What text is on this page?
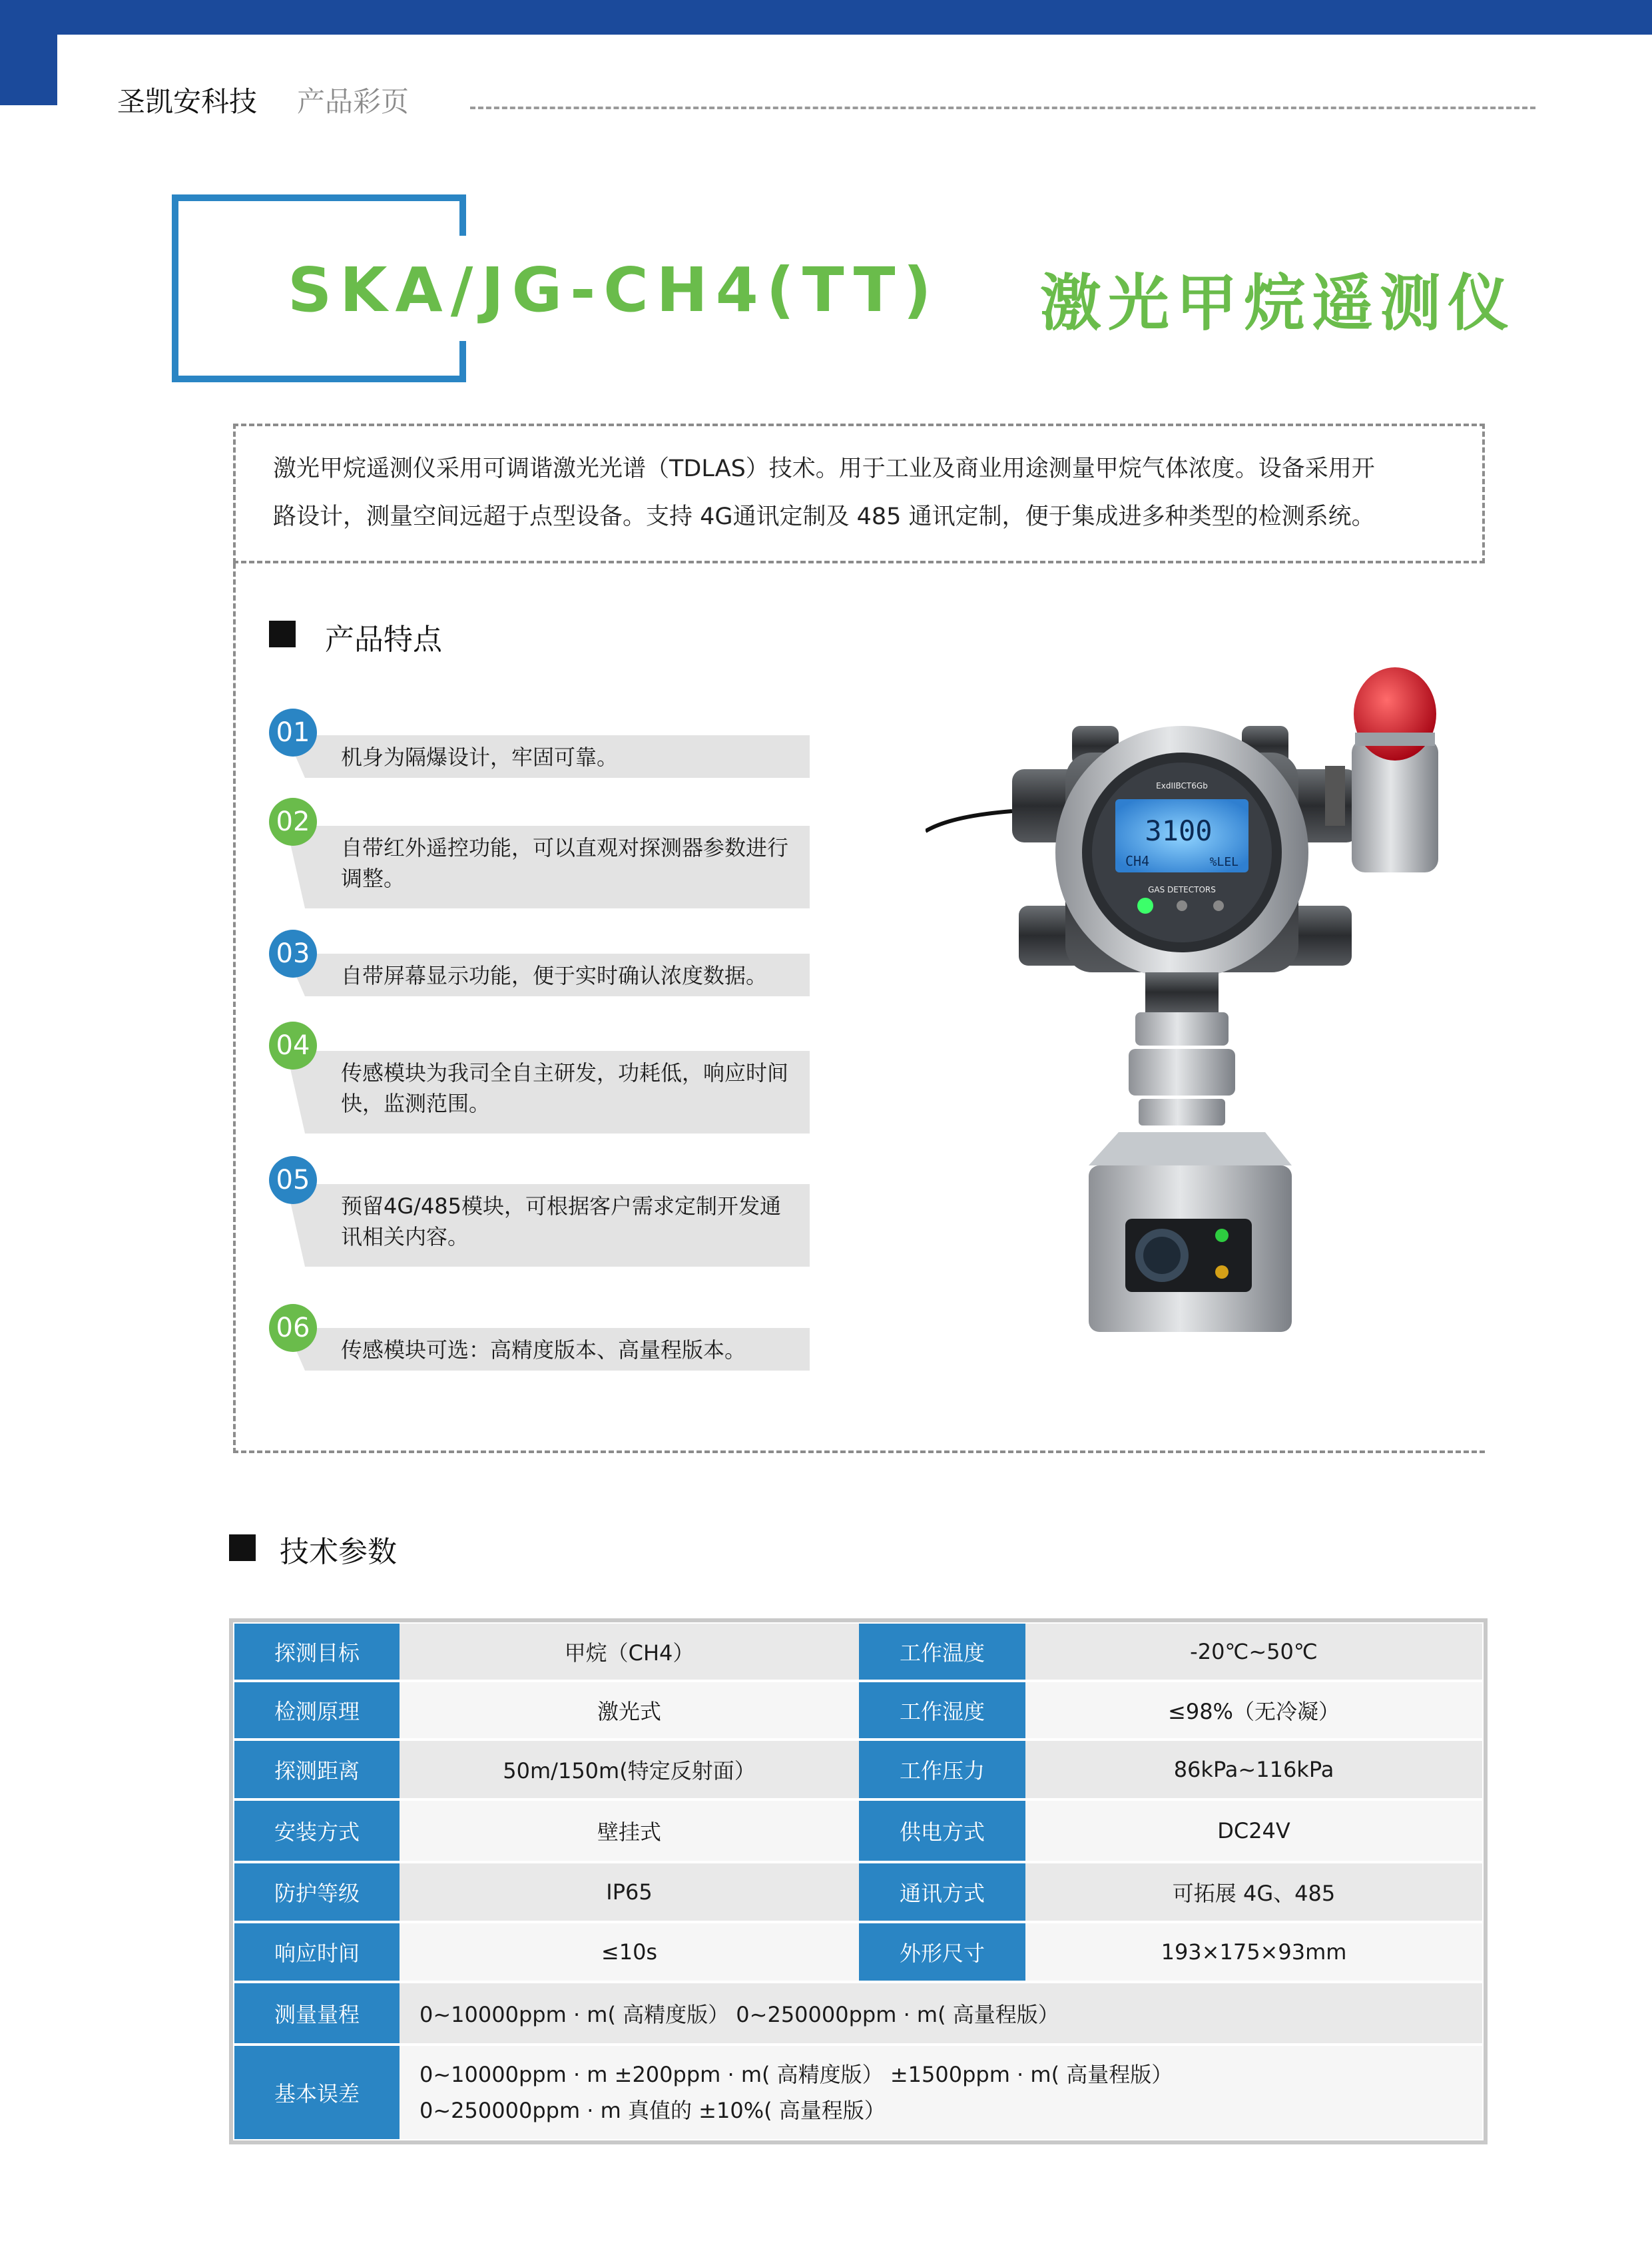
圣凯安科技 产品彩页
SKA/JG-CH4(TT) 激光甲烷遥测仪
激光甲烷遥测仪采用可调谐激光光谱（TDLAS）技术。用于工业及商业用途测量甲烷气体浓度。设备采用开
路设计，测量空间远超于点型设备。支持 4G通讯定制及 485 通讯定制，便于集成进多种类型的检测系统。
产品特点
01
机身为隔爆设计，牢固可靠。
02
自带红外遥控功能，可以直观对探测器参数进行调整。
03
自带屏幕显示功能，便于实时确认浓度数据。
04
传感模块为我司全自主研发，功耗低，响应时间快，监测范围。
05
预留4G/485模块，可根据客户需求定制开发通讯相关内容。
06
传感模块可选：高精度版本、高量程版本。
3100
CH4	%LEL
ExdIIBCT6Gb
GAS DETECTORS
技术参数
探测目标	甲烷（CH4）	工作温度	-20℃~50℃
检测原理	激光式	工作湿度	≤98%（无冷凝）
探测距离	50m/150m(特定反射面）	工作压力	86kPa~116kPa
安装方式	壁挂式	供电方式	DC24V
防护等级	IP65	通讯方式	可拓展 4G、485
响应时间	≤10s	外形尺寸	193×175×93mm
测量量程	0~10000ppm · m( 高精度版） 0~250000ppm · m( 高量程版）
基本误差
0~10000ppm · m ±200ppm · m( 高精度版） ±1500ppm · m( 高量程版）
0~250000ppm · m 真值的 ±10%( 高量程版）
